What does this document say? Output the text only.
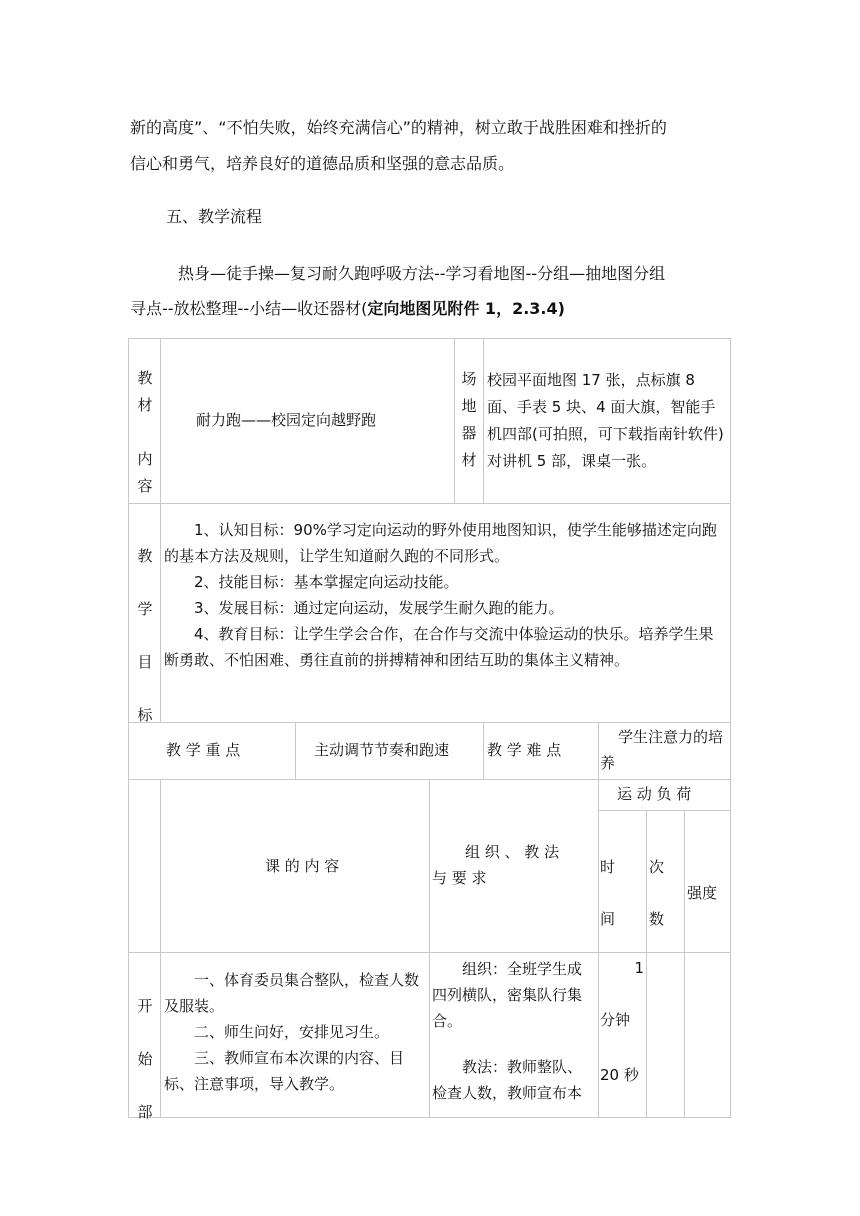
新的高度”、“不怕失败，始终充满信心”的精神，树立敢于战胜困难和挫折的

信心和勇气，培养良好的道德品质和坚强的意志品质。

五、教学流程

热身—徒手操—复习耐久跑呼吸方法--学习看地图--分组—抽地图分组

寻点--放松整理--小结—收还器材(定向地图见附件 1，2.3.4)

教
材
内
容
耐力跑——校园定向越野跑
场
地
器
材
校园平面地图 17 张，点标旗 8 面、手表 5 块、4 面大旗，智能手机四部(可拍照，可下载指南针软件) 对讲机 5 部，课桌一张。
教
学
目
标

1、认知目标：90%学习定向运动的野外使用地图知识，使学生能够描述定向跑的基本方法及规则，让学生知道耐久跑的不同形式。

2、技能目标：基本掌握定向运动技能。

3、发展目标：通过定向运动，发展学生耐久跑的能力。

4、教育目标：让学生学会合作，在合作与交流中体验运动的快乐。培养学生果断勇敢、不怕困难、勇往直前的拼搏精神和团结互助的集体主义精神。

教 学 重 点	主动调节节奏和跑速	教 学 难 点
学生注意力的培养
课 的 内 容
组 织 、 教 法
与 要 求
运 动 负 荷
时
间
次
数
强度
开
始
部

一、体育委员集合整队，检查人数及服装。

二、师生问好，安排见习生。

三、教师宣布本次课的内容、目标、注意事项，导入教学。

组织：全班学生成四列横队，密集队行集合。

教法：教师整队、检查人数，教师宣布本

1
分钟
20 秒
